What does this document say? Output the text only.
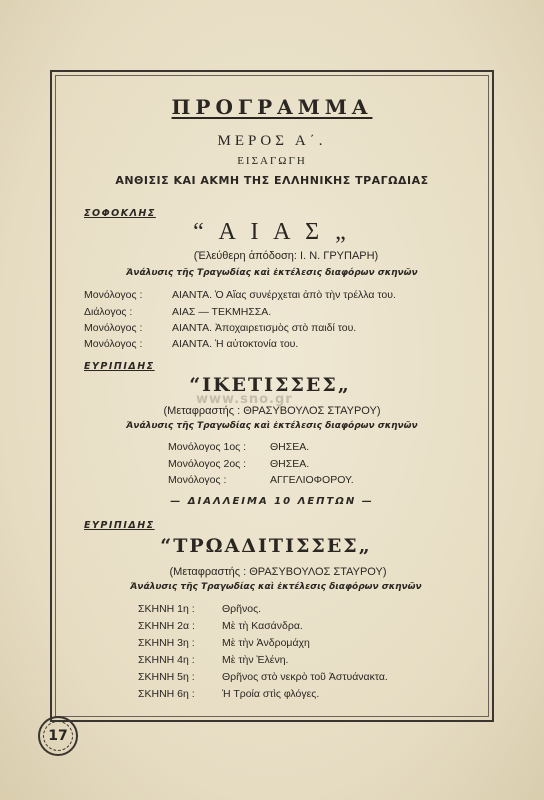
ΠΡΟΓΡΑΜΜΑ
ΜΕΡΟΣ Α΄.
ΕΙΣΑΓΩΓΗ
ΑΝΘΙΣΙΣ ΚΑΙ ΑΚΜΗ ΤΗΣ ΕΛΛΗΝΙΚΗΣ ΤΡΑΓΩΔΙΑΣ
ΣΟΦΟΚΛΗΣ
“ Α Ι Α Σ „
(Ἐλεύθερη ἀπόδοση: Ι. Ν. ΓΡΥΠΑΡΗ)
Ἀνάλυσις τῆς Τραγωδίας καὶ ἐκτέλεσις διαφόρων σκηνῶν
Μονόλογος :	ΑΙΑΝΤΑ. Ὁ Αἴας συνέρχεται ἀπὸ τὴν τρέλλα του.
Διάλογος :	ΑΙΑΣ — ΤΕΚΜΗΣΣΑ.
Μονόλογος :	ΑΙΑΝΤΑ. Ἀποχαιρετισμὸς στὸ παιδί του.
Μονόλογος :	ΑΙΑΝΤΑ. Ἡ αὐτοκτονία του.
ΕΥΡΙΠΙΔΗΣ
“ΙΚΕΤΙΣΣΕΣ„
www.sno.gr
(Μεταφραστής : ΘΡΑΣΥΒΟΥΛΟΣ ΣΤΑΥΡΟΥ)
Ἀνάλυσις τῆς Τραγωδίας καὶ ἐκτέλεσις διαφόρων σκηνῶν
Μονόλογος 1ος : ΘΗΣΕΑ.
Μονόλογος 2ος : ΘΗΣΕΑ.
Μονόλογος :	ΑΓΓΕΛΙΟΦΟΡΟΥ.
— ΔΙΑΛΛΕΙΜΑ 10 ΛΕΠΤΩΝ —
ΕΥΡΙΠΙΔΗΣ
“ΤΡΩΑΔΙΤΙΣΣΕΣ„
(Μεταφραστής : ΘΡΑΣΥΒΟΥΛΟΣ ΣΤΑΥΡΟΥ)
Ἀνάλυσις τῆς Τραγωδίας καὶ ἐκτέλεσις διαφόρων σκηνῶν
ΣΚΗΝΗ 1η :	Θρῆνος.
ΣΚΗΝΗ 2α :	Μὲ τὴ Κασάνδρα.
ΣΚΗΝΗ 3η :	Μὲ τὴν Ἀνδρομάχη
ΣΚΗΝΗ 4η :	Μὲ τὴν Ἑλένη.
ΣΚΗΝΗ 5η :	Θρῆνος στὸ νεκρὸ τοῦ Ἀστυάνακτα.
ΣΚΗΝΗ 6η :	Ἡ Τροία στὶς φλόγες.
17
